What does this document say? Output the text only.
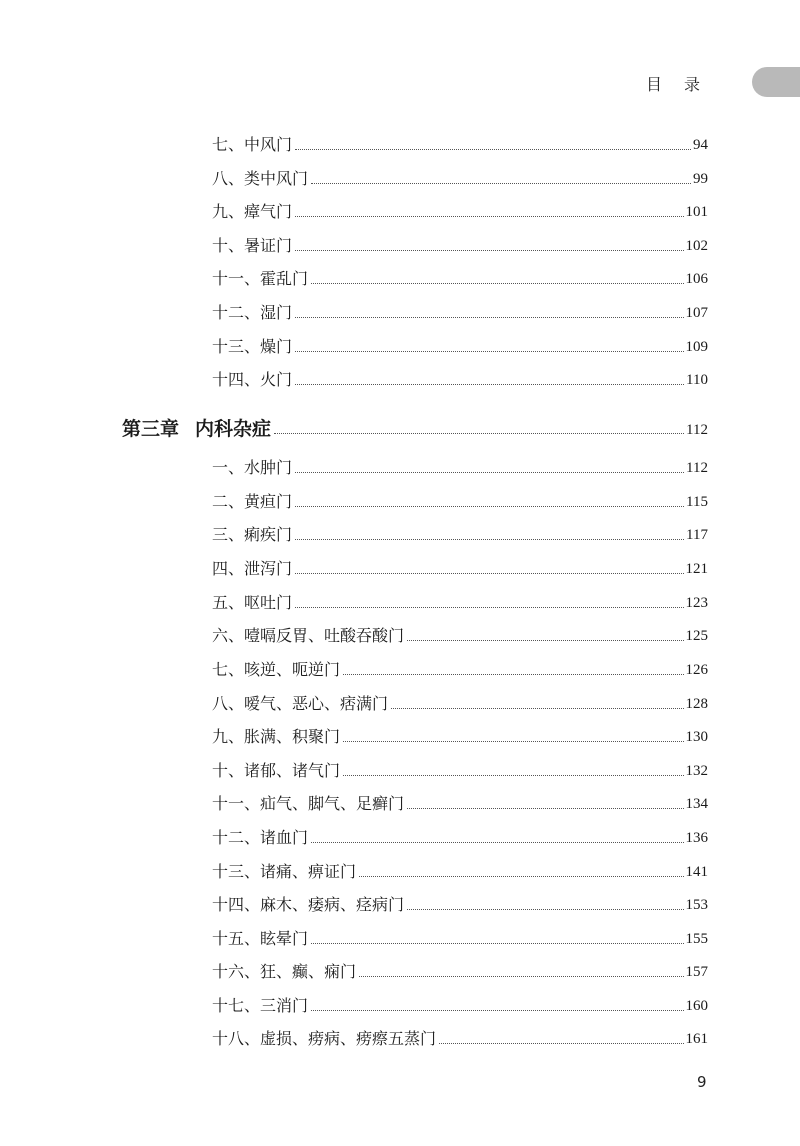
目录
七、 中风门	94
八、 类中风门	99
九、 瘴气门	101
十、 暑证门	102
十一、 霍乱门	106
十二、 湿门	107
十三、 燥门	109
十四、 火门	110
第三章 内科杂症	112
一、 水肿门	112
二、 黄疸门	115
三、 痢疾门	117
四、 泄泻门	121
五、 呕吐门	123
六、 噎嗝反胃、吐酸吞酸门	125
七、 咳逆、呃逆门	126
八、 嗳气、恶心、痞满门	128
九、 胀满、积聚门	130
十、 诸郁、诸气门	132
十一、 疝气、脚气、足癣门	134
十二、 诸血门	136
十三、 诸痛、痹证门	141
十四、 麻木、痿病、痉病门	153
十五、 眩晕门	155
十六、 狂、癫、痫门	157
十七、 三消门	160
十八、 虚损、痨病、痨瘵五蒸门	161
9
